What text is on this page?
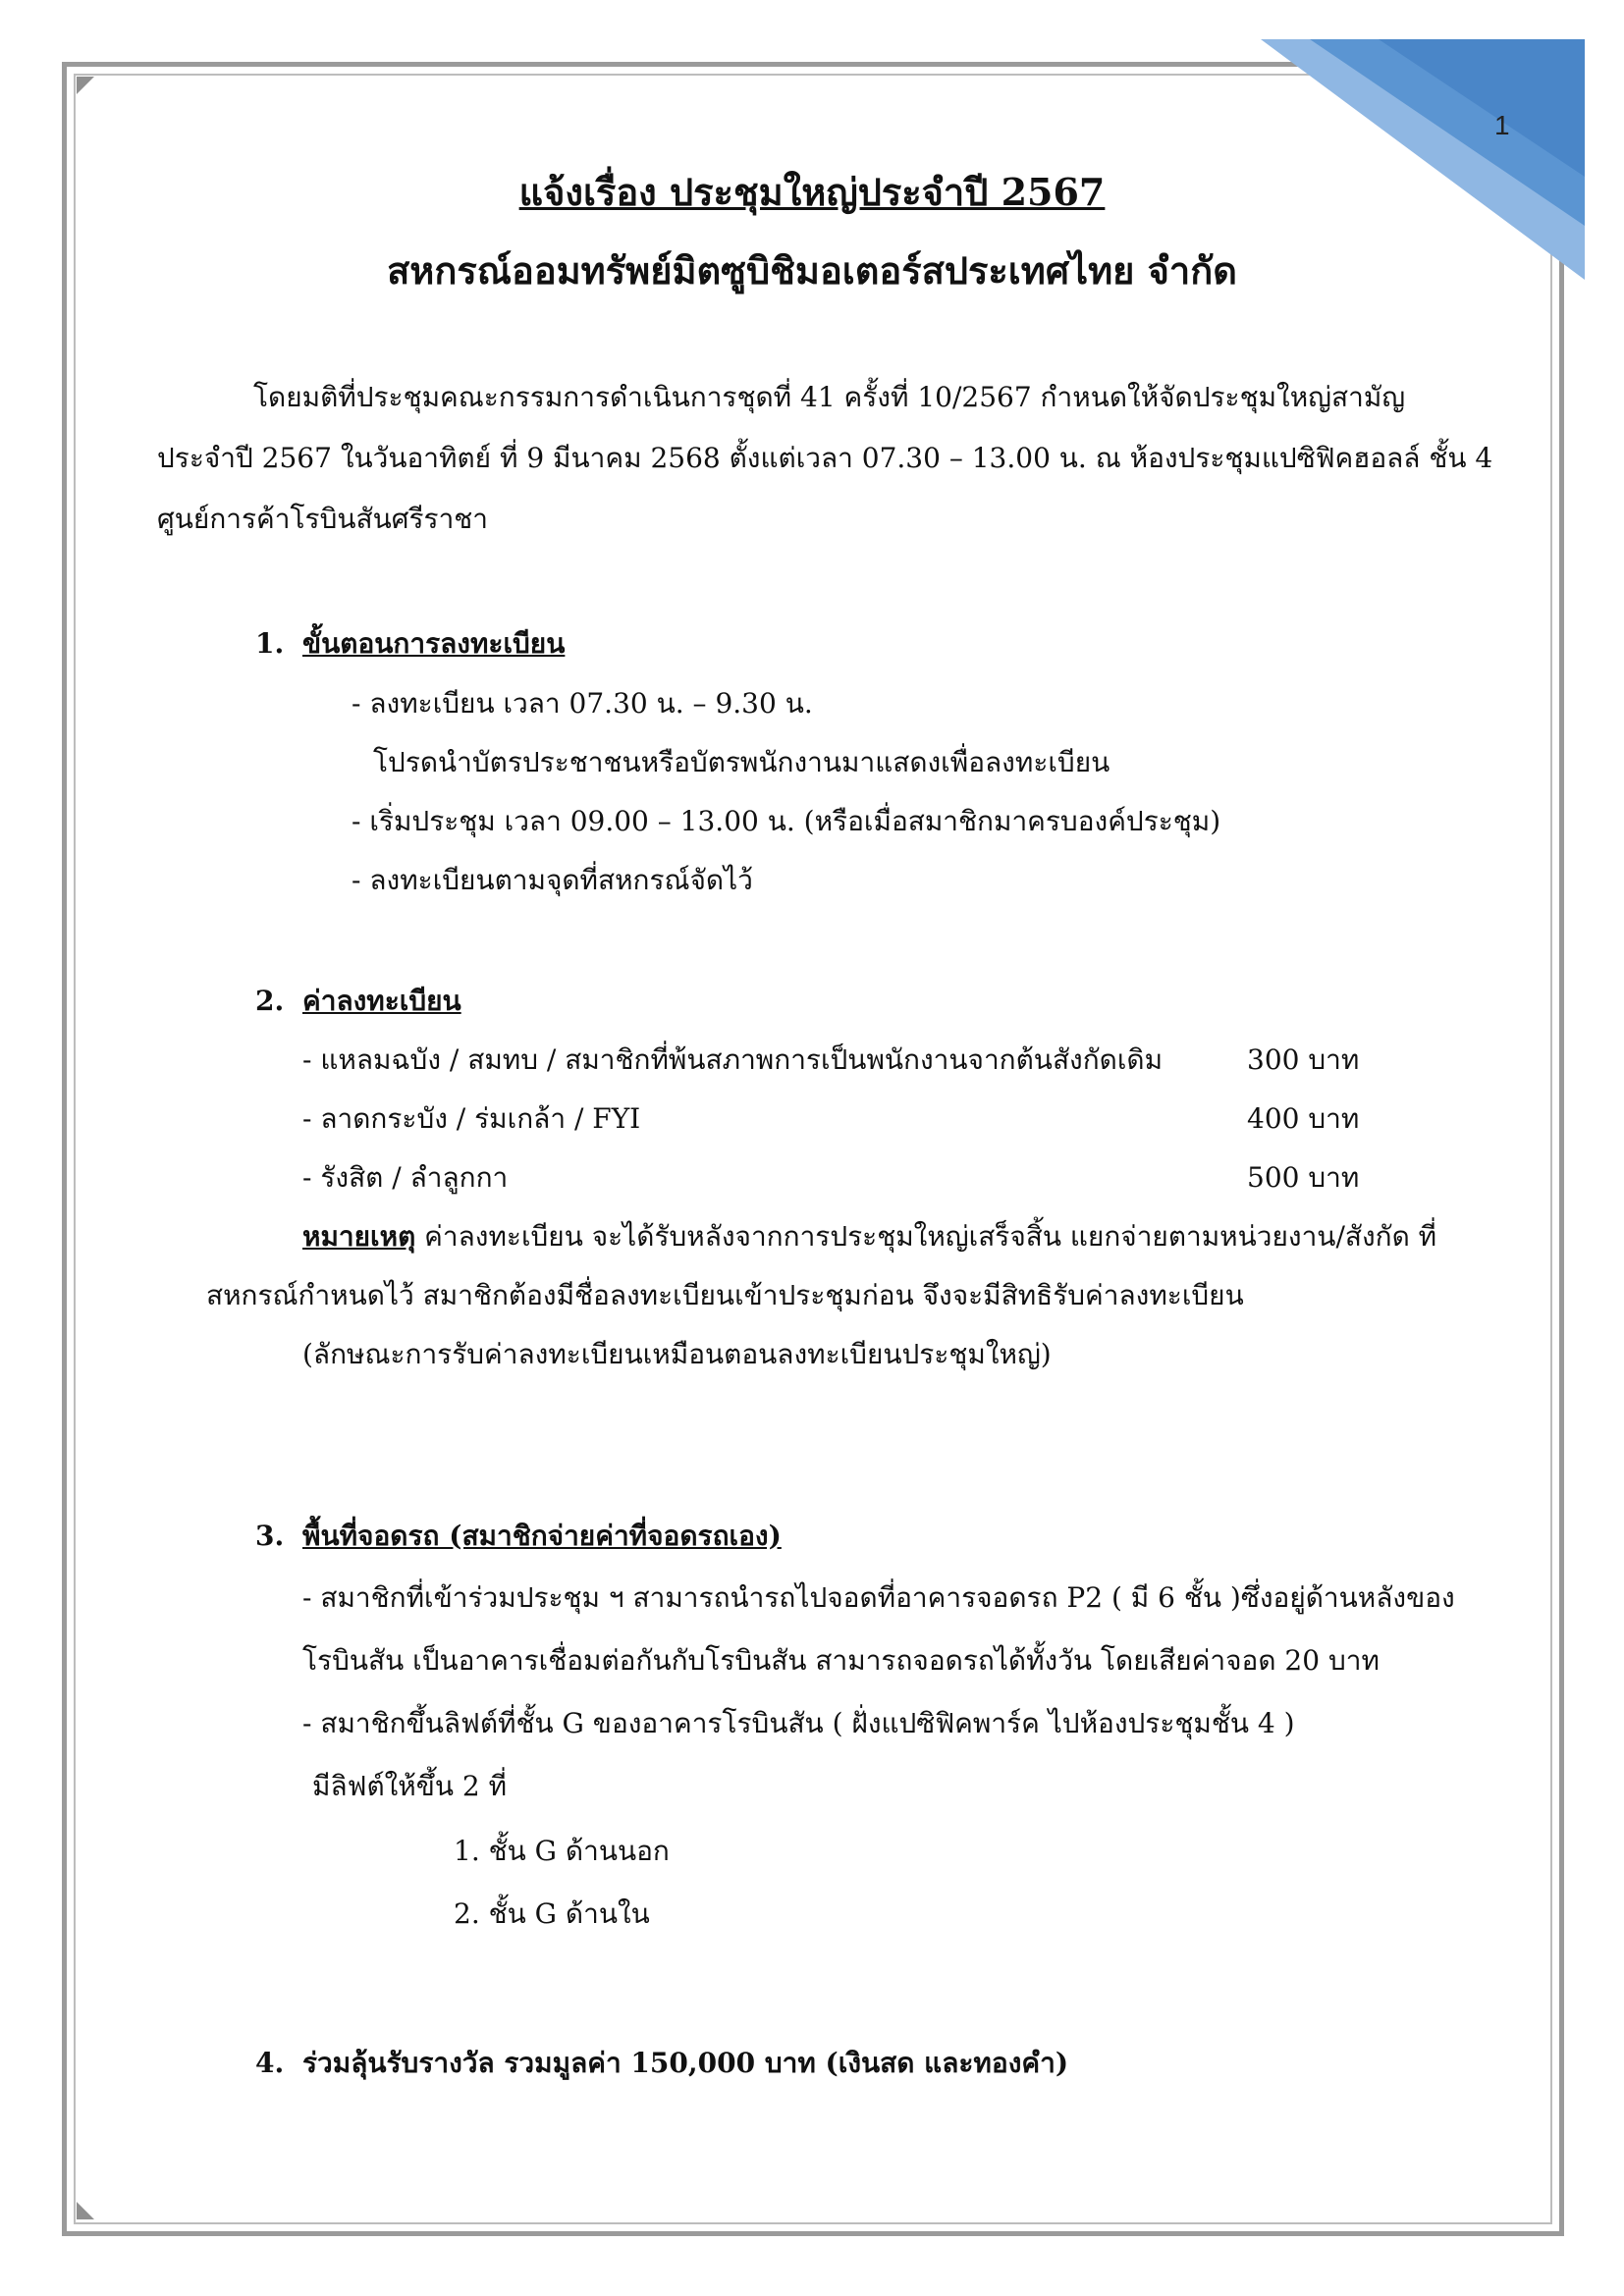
1
แจ้งเรื่อง ประชุมใหญ่ประจำปี 2567
สหกรณ์ออมทรัพย์มิตซูบิชิมอเตอร์สประเทศไทย จำกัด
โดยมติที่ประชุมคณะกรรมการดำเนินการชุดที่ 41 ครั้งที่ 10/2567 กำหนดให้จัดประชุมใหญ่สามัญ
ประจำปี 2567 ในวันอาทิตย์ ที่ 9 มีนาคม 2568 ตั้งแต่เวลา 07.30 – 13.00 น. ณ ห้องประชุมแปซิฟิคฮอลล์ ชั้น 4
ศูนย์การค้าโรบินสันศรีราชา
1. ขั้นตอนการลงทะเบียน
- ลงทะเบียน เวลา 07.30 น. – 9.30 น.
โปรดนำบัตรประชาชนหรือบัตรพนักงานมาแสดงเพื่อลงทะเบียน
- เริ่มประชุม เวลา 09.00 – 13.00 น. (หรือเมื่อสมาชิกมาครบองค์ประชุม)
- ลงทะเบียนตามจุดที่สหกรณ์จัดไว้
2. ค่าลงทะเบียน
- แหลมฉบัง / สมทบ / สมาชิกที่พ้นสภาพการเป็นพนักงานจากต้นสังกัดเดิม	300 บาท
- ลาดกระบัง / ร่มเกล้า / FYI	400 บาท
- รังสิต / ลำลูกกา	500 บาท
หมายเหตุ ค่าลงทะเบียน จะได้รับหลังจากการประชุมใหญ่เสร็จสิ้น แยกจ่ายตามหน่วยงาน/สังกัด ที่
สหกรณ์กำหนดไว้ สมาชิกต้องมีชื่อลงทะเบียนเข้าประชุมก่อน จึงจะมีสิทธิรับค่าลงทะเบียน
(ลักษณะการรับค่าลงทะเบียนเหมือนตอนลงทะเบียนประชุมใหญ่)
3. พื้นที่จอดรถ (สมาชิกจ่ายค่าที่จอดรถเอง)
- สมาชิกที่เข้าร่วมประชุม ฯ สามารถนำรถไปจอดที่อาคารจอดรถ P2 ( มี 6 ชั้น )ซึ่งอยู่ด้านหลังของ
โรบินสัน เป็นอาคารเชื่อมต่อกันกับโรบินสัน สามารถจอดรถได้ทั้งวัน โดยเสียค่าจอด 20 บาท
- สมาชิกขึ้นลิฟต์ที่ชั้น G ของอาคารโรบินสัน ( ฝั่งแปซิฟิคพาร์ค ไปห้องประชุมชั้น 4 )
มีลิฟต์ให้ขึ้น 2 ที่
1. ชั้น G ด้านนอก
2. ชั้น G ด้านใน
4. ร่วมลุ้นรับรางวัล รวมมูลค่า 150,000 บาท (เงินสด และทองคำ)
